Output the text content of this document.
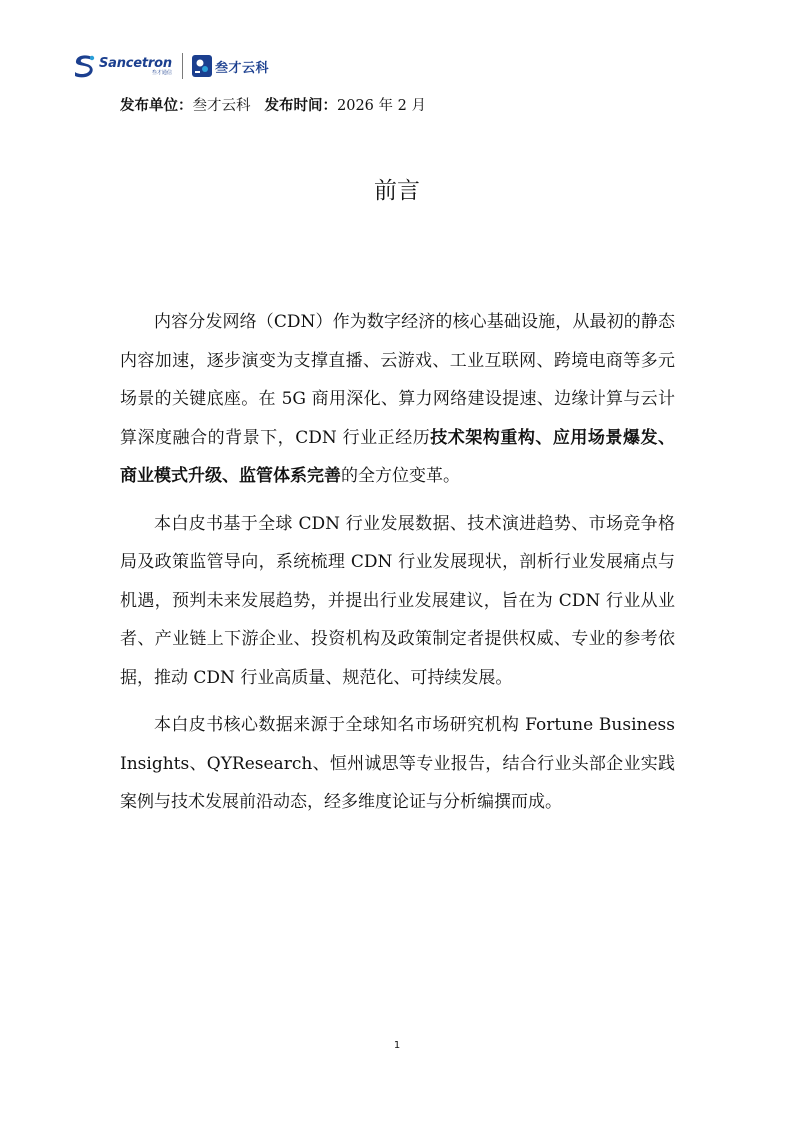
Sancetron
叁才通信	叁才云科
发布单位：叁才云科 发布时间：2026 年 2 月
前言

内容分发网络（CDN）作为数字经济的核心基础设施，从最初的静态内容加速，逐步演变为支撑直播、云游戏、工业互联网、跨境电商等多元场景的关键底座。在 5G 商用深化、算力网络建设提速、边缘计算与云计算深度融合的背景下，CDN 行业正经历技术架构重构、应用场景爆发、商业模式升级、监管体系完善的全方位变革。

本白皮书基于全球 CDN 行业发展数据、技术演进趋势、市场竞争格局及政策监管导向，系统梳理 CDN 行业发展现状，剖析行业发展痛点与机遇，预判未来发展趋势，并提出行业发展建议，旨在为 CDN 行业从业者、产业链上下游企业、投资机构及政策制定者提供权威、专业的参考依据，推动 CDN 行业高质量、规范化、可持续发展。

本白皮书核心数据来源于全球知名市场研究机构 Fortune Business Insights、QYResearch、恒州诚思等专业报告，结合行业头部企业实践案例与技术发展前沿动态，经多维度论证与分析编撰而成。

1
